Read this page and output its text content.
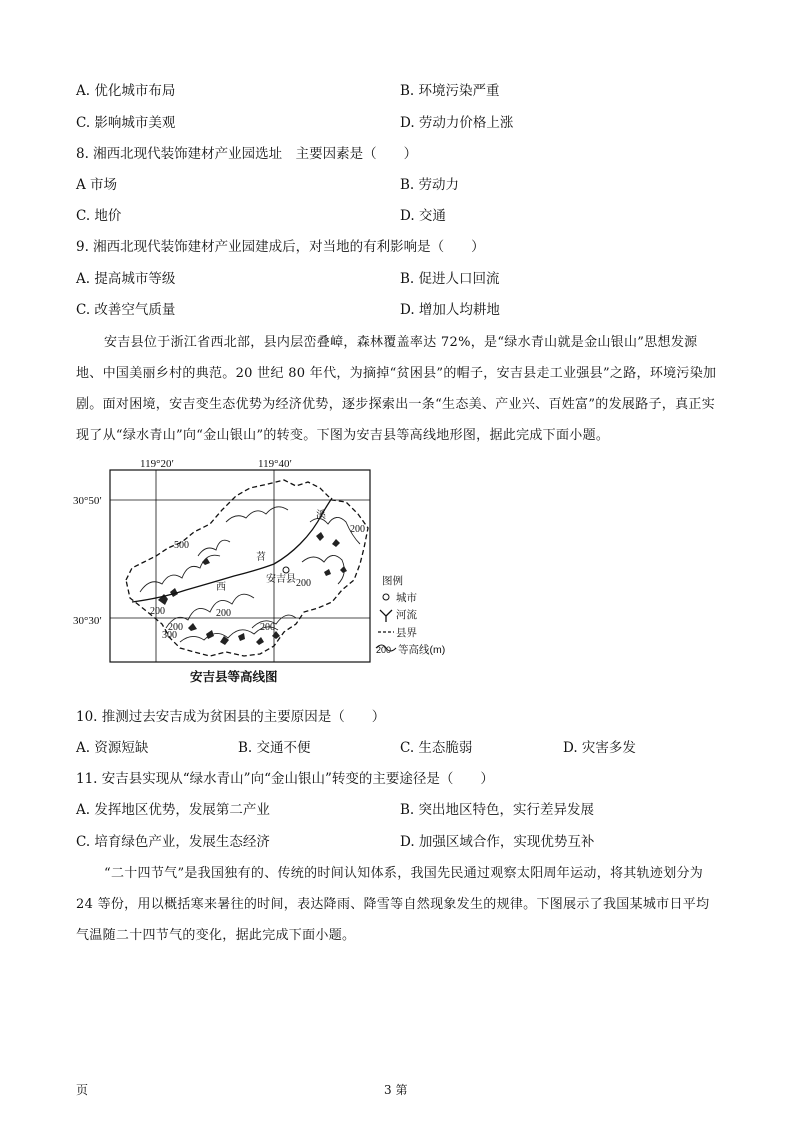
A. 优化城市布局	B. 环境污染严重
C. 影响城市美观	D. 劳动力价格上涨
8. 湘西北现代装饰建材产业园选址　主要因素是（　　）
A 市场	B. 劳动力
C. 地价	D. 交通
9. 湘西北现代装饰建材产业园建成后，对当地的有利影响是（　　）
A. 提高城市等级	B. 促进人口回流
C. 改善空气质量	D. 增加人均耕地

安吉县位于浙江省西北部，县内层峦叠嶂，森林覆盖率达 72%，是“绿水青山就是金山银山”思想发源地、中国美丽乡村的典范。20 世纪 80 年代，为摘掉“贫困县”的帽子，安吉县走工业强县”之路，环境污染加剧。面对困境，安吉变生态优势为经济优势，逐步探索出一条“生态美、产业兴、百姓富”的发展路子，真正实现了从“绿水青山”向“金山银山”的转变。下图为安吉县等高线地形图，据此完成下面小题。

119°20′	119°40′
30°50′
30°30′
安吉县
苕
西
溪
500
200
200
200
200
300
200
200
图例
城市
河流
县界
200 等高线(m)
安吉县等高线图
10. 推测过去安吉成为贫困县的主要原因是（　　）
A. 资源短缺	B. 交通不便	C. 生态脆弱	D. 灾害多发
11. 安吉县实现从“绿水青山”向“金山银山”转变的主要途径是（　　）
A. 发挥地区优势，发展第二产业	B. 突出地区特色，实行差异发展
C. 培育绿色产业，发展生态经济	D. 加强区域合作，实现优势互补

“二十四节气”是我国独有的、传统的时间认知体系，我国先民通过观察太阳周年运动，将其轨迹划分为 24 等份，用以概括寒来暑往的时间，表达降雨、降雪等自然现象发生的规律。下图展示了我国某城市日平均气温随二十四节气的变化，据此完成下面小题。

页	3 第
